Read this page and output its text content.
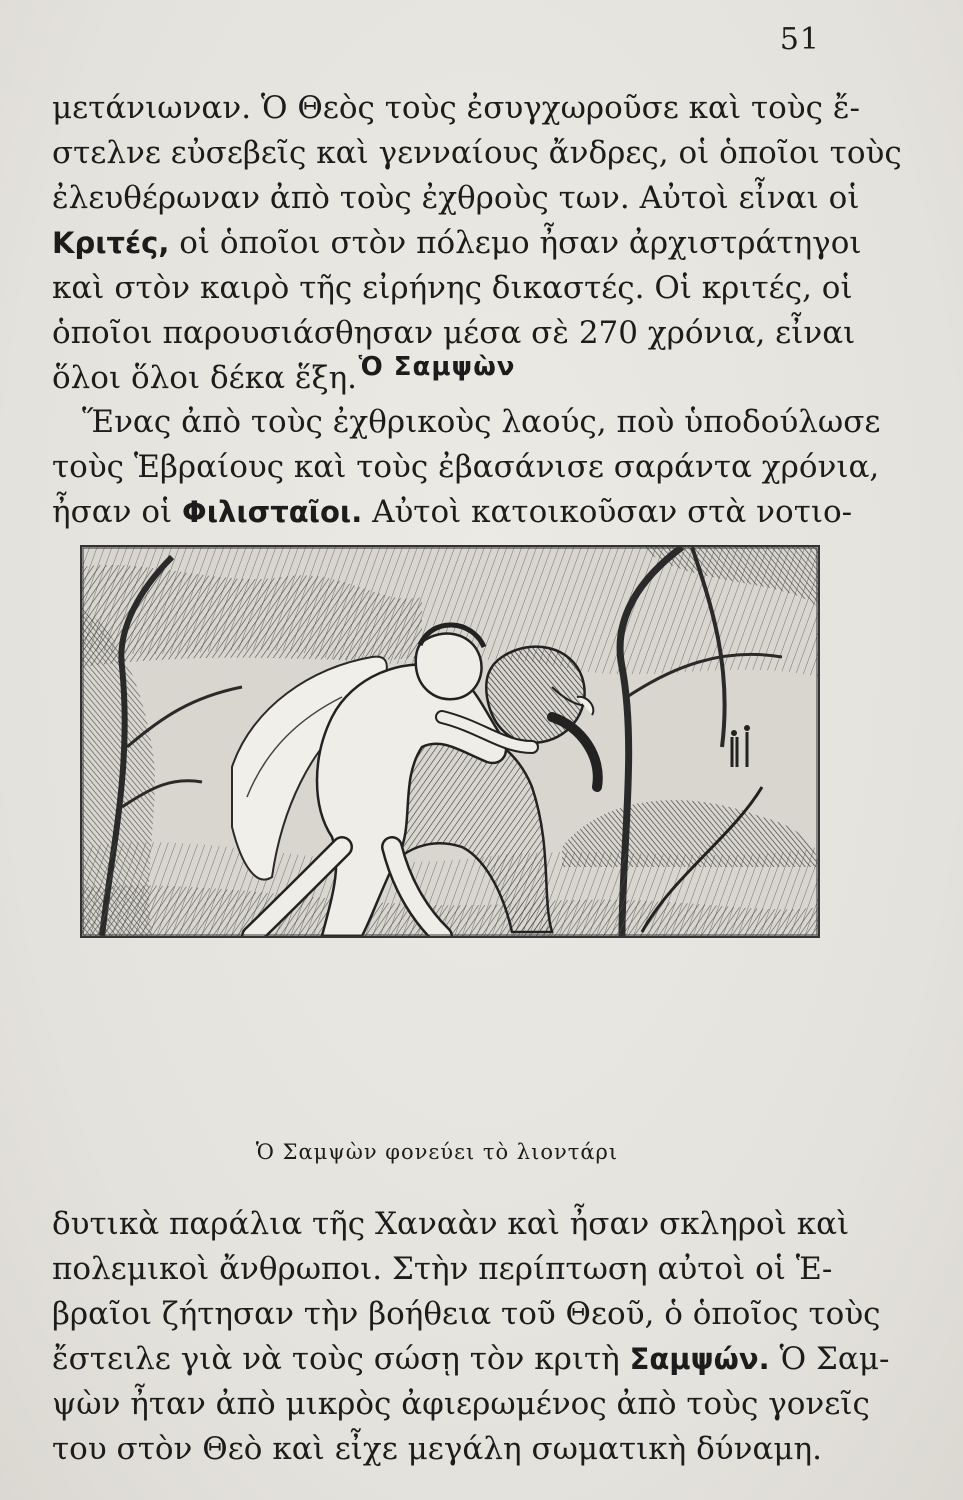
51
μετάνιωναν. Ὁ Θεὸς τοὺς ἐσυγχωροῦσε καὶ τοὺς ἔ-
στελνε εὐσεβεῖς καὶ γενναίους ἄνδρες, οἱ ὁποῖοι τοὺς
ἐλευθέρωναν ἀπὸ τοὺς ἐχθροὺς των. Αὐτοὶ εἶναι οἱ
Κριτές, οἱ ὁποῖοι στὸν πόλεμο ἦσαν ἀρχιστράτηγοι
καὶ στὸν καιρὸ τῆς εἰρήνης δικαστές. Οἱ κριτές, οἱ
ὁποῖοι παρουσιάσθησαν μέσα σὲ 270 χρόνια, εἶναι
ὅλοι ὅλοι δέκα ἕξη. Ὁ Σαμψὼν
Ἕνας ἀπὸ τοὺς ἐχθρικοὺς λαούς, ποὺ ὑποδούλωσε
τοὺς Ἑβραίους καὶ τοὺς ἐβασάνισε σαράντα χρόνια,
ἦσαν οἱ Φιλισταῖοι. Αὐτοὶ κατοικοῦσαν στὰ νοτιο-
Ὁ Σαμψὼν φονεύει τὸ λιοντάρι
δυτικὰ παράλια τῆς Χαναὰν καὶ ἦσαν σκληροὶ καὶ
πολεμικοὶ ἄνθρωποι. Στὴν περίπτωση αὐτοὶ οἱ Ἑ-
βραῖοι ζήτησαν τὴν βοήθεια τοῦ Θεοῦ, ὁ ὁποῖος τοὺς
ἔστειλε γιὰ νὰ τοὺς σώσῃ τὸν κριτὴ Σαμψών. Ὁ Σαμ-
ψὼν ἦταν ἀπὸ μικρὸς ἀφιερωμένος ἀπὸ τοὺς γονεῖς
του στὸν Θεὸ καὶ εἶχε μεγάλη σωματικὴ δύναμη.
